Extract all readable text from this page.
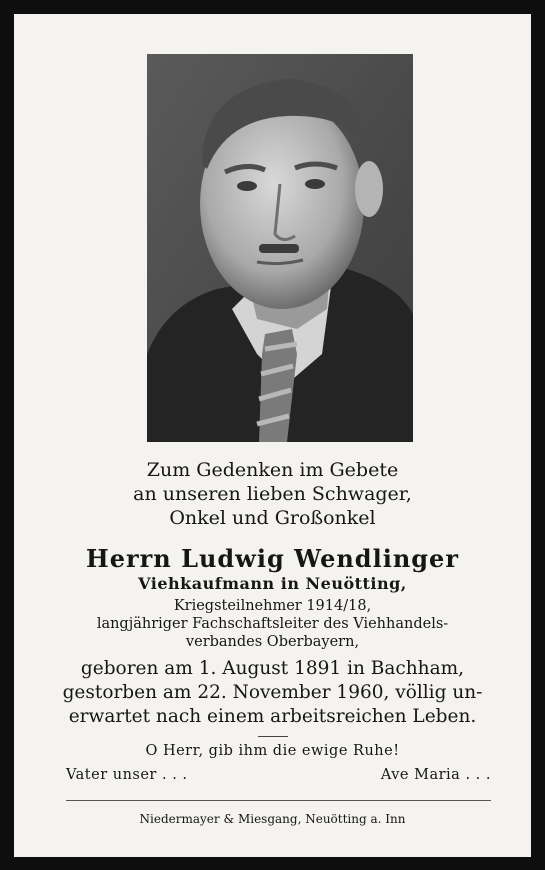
Zum Gedenken im Gebete
an unseren lieben Schwager,
Onkel und Großonkel
Herrn Ludwig Wendlinger
Viehkaufmann in Neuötting,
Kriegsteilnehmer 1914/18,
langjähriger Fachschaftsleiter des Viehhandels-
verbandes Oberbayern,
geboren am 1. August 1891 in Bachham,
gestorben am 22. November 1960, völlig un-
erwartet nach einem arbeitsreichen Leben.
O Herr, gib ihm die ewige Ruhe!
Vater unser . . .	Ave Maria . . .
Niedermayer & Miesgang, Neuötting a. Inn
